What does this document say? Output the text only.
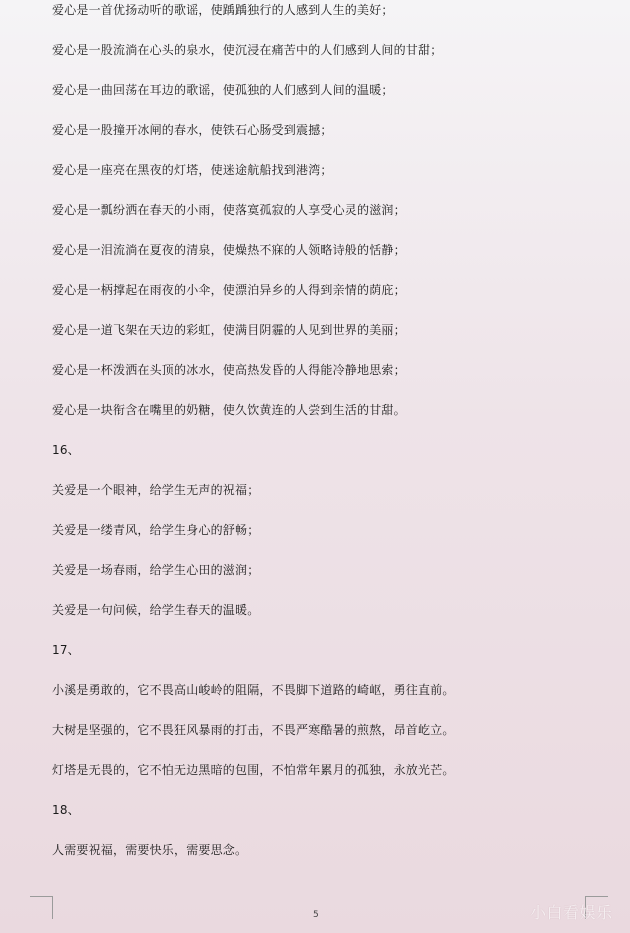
爱心是一首优扬动听的歌谣，使踽踽独行的人感到人生的美好；
爱心是一股流淌在心头的泉水，使沉浸在痛苦中的人们感到人间的甘甜；
爱心是一曲回荡在耳边的歌谣，使孤独的人们感到人间的温暖；
爱心是一股撞开冰闸的春水，使铁石心肠受到震撼；
爱心是一座亮在黑夜的灯塔，使迷途航船找到港湾；
爱心是一瓢纷洒在春天的小雨，使落寞孤寂的人享受心灵的滋润；
爱心是一泪流淌在夏夜的清泉，使燥热不寐的人领略诗般的恬静；
爱心是一柄撑起在雨夜的小伞，使漂泊异乡的人得到亲情的荫庇；
爱心是一道飞架在天边的彩虹，使满目阴霾的人见到世界的美丽；
爱心是一杯泼洒在头顶的冰水，使高热发昏的人得能冷静地思索；
爱心是一块衔含在嘴里的奶糖，使久饮黄连的人尝到生活的甘甜。
16、
关爱是一个眼神，给学生无声的祝福；
关爱是一缕青风，给学生身心的舒畅；
关爱是一场春雨，给学生心田的滋润；
关爱是一句问候，给学生春天的温暖。
17、
小溪是勇敢的，它不畏高山峻岭的阻隔，不畏脚下道路的崎岖，勇往直前。
大树是坚强的，它不畏狂风暴雨的打击，不畏严寒酷暑的煎熬，昂首屹立。
灯塔是无畏的，它不怕无边黑暗的包围，不怕常年累月的孤独，永放光芒。
18、
人需要祝福，需要快乐，需要思念。
5	小白看娱乐
